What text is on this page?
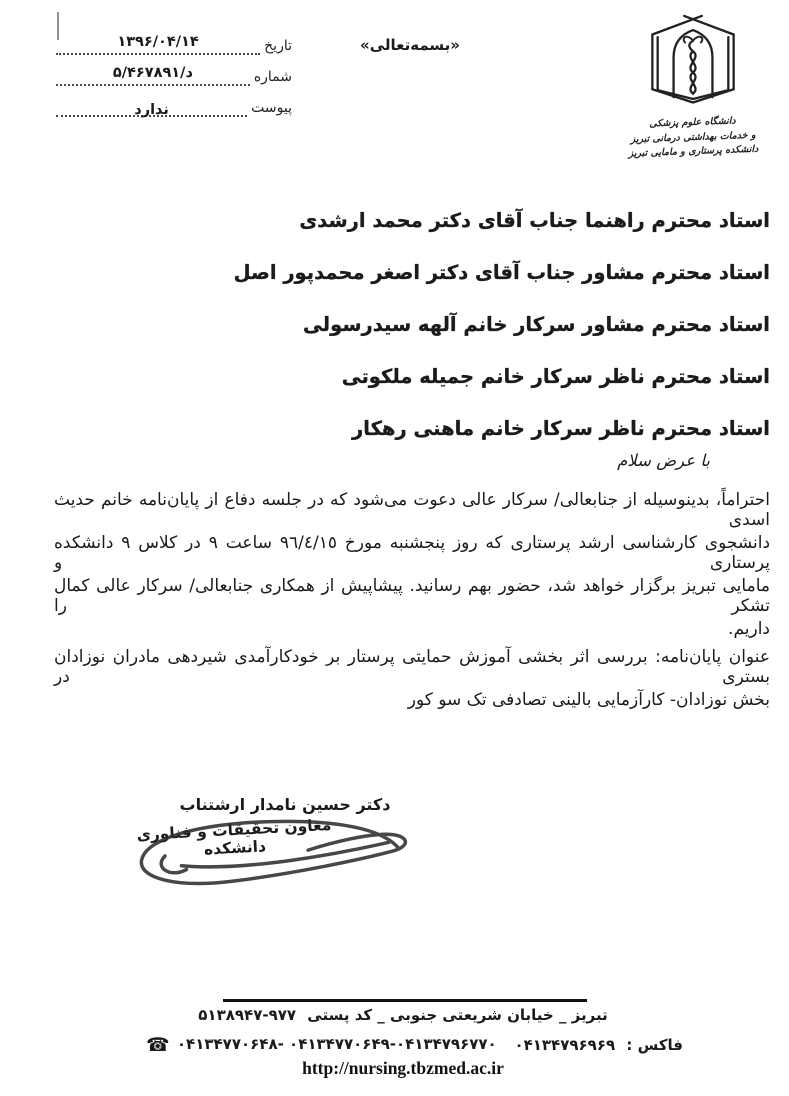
تاریخ
۱۳۹۶/۰۴/۱۴
شماره
۵/د/۴۶۷۸۹۱
پیوست
ندارد
«بسمه‌تعالی»
دانشگاه علوم پزشکی
و خدمات بهداشتی درمانی تبریز
دانشکده پرستاری و مامایی تبریز
استاد محترم راهنما جناب آقای دکتر محمد ارشدی
استاد محترم مشاور جناب آقای دکتر اصغر محمدپور اصل
استاد محترم مشاور سرکار خانم آلهه سیدرسولی
استاد محترم ناظر سرکار خانم جمیله ملکوتی
استاد محترم ناظر سرکار خانم ماهنی رهکار
با عرض سلام
احتراماً، بدینوسیله از جنابعالی/ سرکار عالی دعوت می‌شود که در جلسه دفاع از پایان‌نامه خانم حدیث اسدی
دانشجوی کارشناسی ارشد پرستاری که روز پنجشنبه مورخ ٩٦/٤/١٥ ساعت ٩ در کلاس ٩ دانشکده پرستاری و
مامایی تبریز برگزار خواهد شد، حضور بهم رسانید. پیشاپیش از همکاری جنابعالی/ سرکار عالی کمال تشکر را
داریم.
عنوان پایان‌نامه: بررسی اثر بخشی آموزش حمایتی پرستار بر خودکارآمدی شیردهی مادران نوزادان بستری در
بخش نوزادان- کارآزمایی بالینی تصادفی تک سو کور
دکتر حسین نامدار ارشتناب
معاون تحقیقات و فناوری دانشکده
تبریز _ خیابان شریعتی جنوبی _ کد پستی ۵۱۳۸۹۴۷-۹۷۷
☎ ۰۴۱۳۴۷۷۰۶۴۸- ۰۴۱۳۴۷۷۰۶۴۹-۰۴۱۳۴۷۹۶۷۷۰	فاکس : ۰۴۱۳۴۷۹۶۹۶۹
http://nursing.tbzmed.ac.ir
